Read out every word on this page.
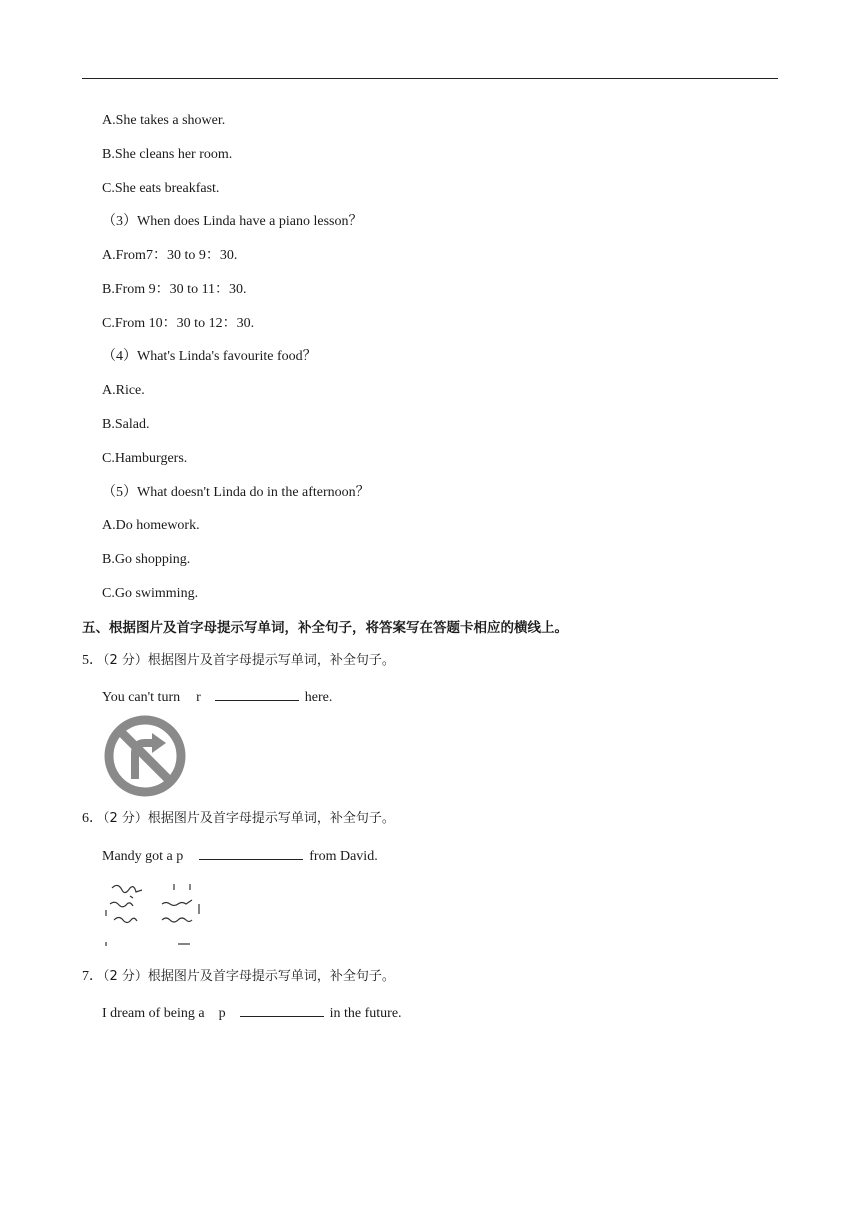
A.She takes a shower.
B.She cleans her room.
C.She eats breakfast.
（3）When does Linda have a piano lesson？
A.From7：30 to 9：30.
B.From 9：30 to 11：30.
C.From 10：30 to 12：30.
（4）What's Linda's favourite food？
A.Rice.
B.Salad.
C.Hamburgers.
（5）What doesn't Linda do in the afternoon？
A.Do homework.
B.Go shopping.
C.Go swimming.
五、根据图片及首字母提示写单词，补全句子，将答案写在答题卡相应的横线上。
5．（2 分）根据图片及首字母提示写单词，补全句子。
You can't turn r	here.
6．（2 分）根据图片及首字母提示写单词，补全句子。
Mandy got a p	from David.
7．（2 分）根据图片及首字母提示写单词，补全句子。
I dream of being a p	in the future.
